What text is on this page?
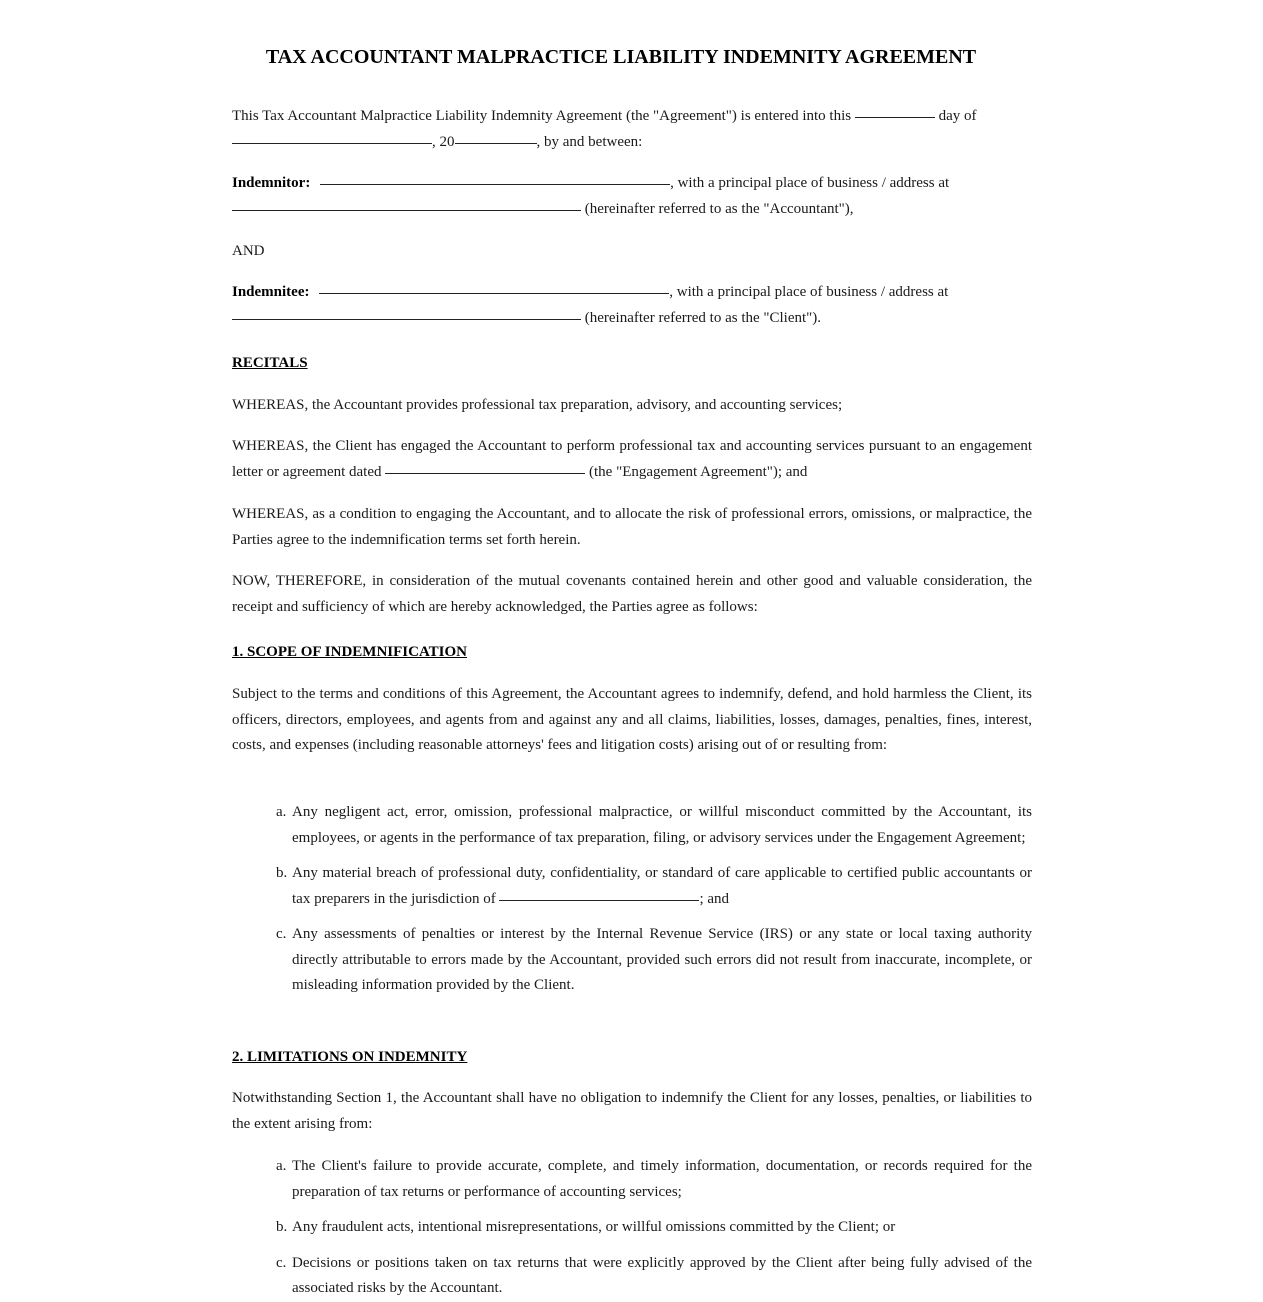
TAX ACCOUNTANT MALPRACTICE LIABILITY INDEMNITY AGREEMENT

This Tax Accountant Malpractice Liability Indemnity Agreement (the "Agreement") is entered into this	day of
, 20	, by and between:

Indemnitor:	, with a principal place of business / address at
(hereinafter referred to as the "Accountant"),

AND

Indemnitee:	, with a principal place of business / address at
(hereinafter referred to as the "Client").

RECITALS

WHEREAS, the Accountant provides professional tax preparation, advisory, and accounting services;

WHEREAS, the Client has engaged the Accountant to perform professional tax and accounting services pursuant to an engagement letter or agreement dated	(the "Engagement Agreement"); and

WHEREAS, as a condition to engaging the Accountant, and to allocate the risk of professional errors, omissions, or malpractice, the Parties agree to the indemnification terms set forth herein.

NOW, THEREFORE, in consideration of the mutual covenants contained herein and other good and valuable consideration, the receipt and sufficiency of which are hereby acknowledged, the Parties agree as follows:

1. SCOPE OF INDEMNIFICATION

Subject to the terms and conditions of this Agreement, the Accountant agrees to indemnify, defend, and hold harmless the Client, its officers, directors, employees, and agents from and against any and all claims, liabilities, losses, damages, penalties, fines, interest, costs, and expenses (including reasonable attorneys' fees and litigation costs) arising out of or resulting from:

a. Any negligent act, error, omission, professional malpractice, or willful misconduct committed by the Accountant, its employees, or agents in the performance of tax preparation, filing, or advisory services under the Engagement Agreement;
b. Any material breach of professional duty, confidentiality, or standard of care applicable to certified public accountants or tax preparers in the jurisdiction of	; and
c. Any assessments of penalties or interest by the Internal Revenue Service (IRS) or any state or local taxing authority directly attributable to errors made by the Accountant, provided such errors did not result from inaccurate, incomplete, or misleading information provided by the Client.

2. LIMITATIONS ON INDEMNITY

Notwithstanding Section 1, the Accountant shall have no obligation to indemnify the Client for any losses, penalties, or liabilities to the extent arising from:

a. The Client's failure to provide accurate, complete, and timely information, documentation, or records required for the preparation of tax returns or performance of accounting services;
b. Any fraudulent acts, intentional misrepresentations, or willful omissions committed by the Client; or
c. Decisions or positions taken on tax returns that were explicitly approved by the Client after being fully advised of the associated risks by the Accountant.
